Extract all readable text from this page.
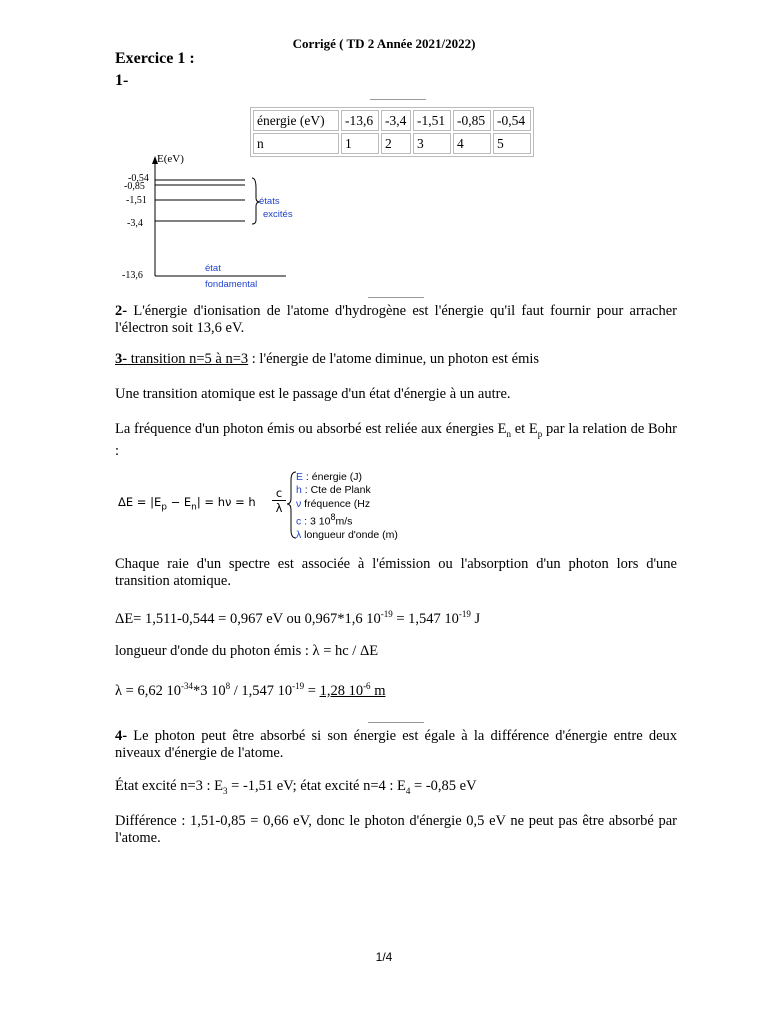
Corrigé ( TD 2 Année 2021/2022)
Exercice 1 :
1-
énergie (eV)	-13,6	-3,4	-1,51	-0,85	-0,54
n	1	2	3	4	5
E(eV)
-0,54
-0,85
-1,51
-3,4
-13,6
états
excités
état
fondamental
2- L'énergie d'ionisation de l'atome d'hydrogène est l'énergie qu'il faut fournir pour arracher l'électron soit 13,6 eV.
3- transition n=5 à n=3 : l'énergie de l'atome diminue, un photon est émis
Une transition atomique est le passage d'un état d'énergie à un autre.
La fréquence d'un photon émis ou absorbé est reliée aux énergies $E_n$ et $E_p$ par la relation de Bohr :
$\Delta E = |E_p - E_n| = h\nu = h \frac{c}{\lambda}$
E : énergie (J)
h : Cte de Plank
ν fréquence (Hz
c : 3 $10^8m/s$
λ longueur d'onde (m)
Chaque raie d'un spectre est associée à l'émission ou l'absorption d'un photon lors d'une transition atomique.
ΔE= 1,511-0,544 = 0,967 eV ou 0,967*1,6 $10^{-19} = 1,547$ $10^{-19}$ J
longueur d'onde du photon émis : λ = hc / ΔE
λ = 6,62 $10^{-34}*3$ $10^8 / 1,547$ $10^{-19} = 1,28$ $10^{-6}$ m
4- Le photon peut être absorbé si son énergie est égale à la différence d'énergie entre deux niveaux d'énergie de l'atome.
État excité n=3 : $E_3 = -1,51$ eV; état excité n=4 : $E_4 = -0,85$ eV
Différence : 1,51-0,85 = 0,66 eV, donc le photon d'énergie 0,5 eV ne peut pas être absorbé par l'atome.
1/4
